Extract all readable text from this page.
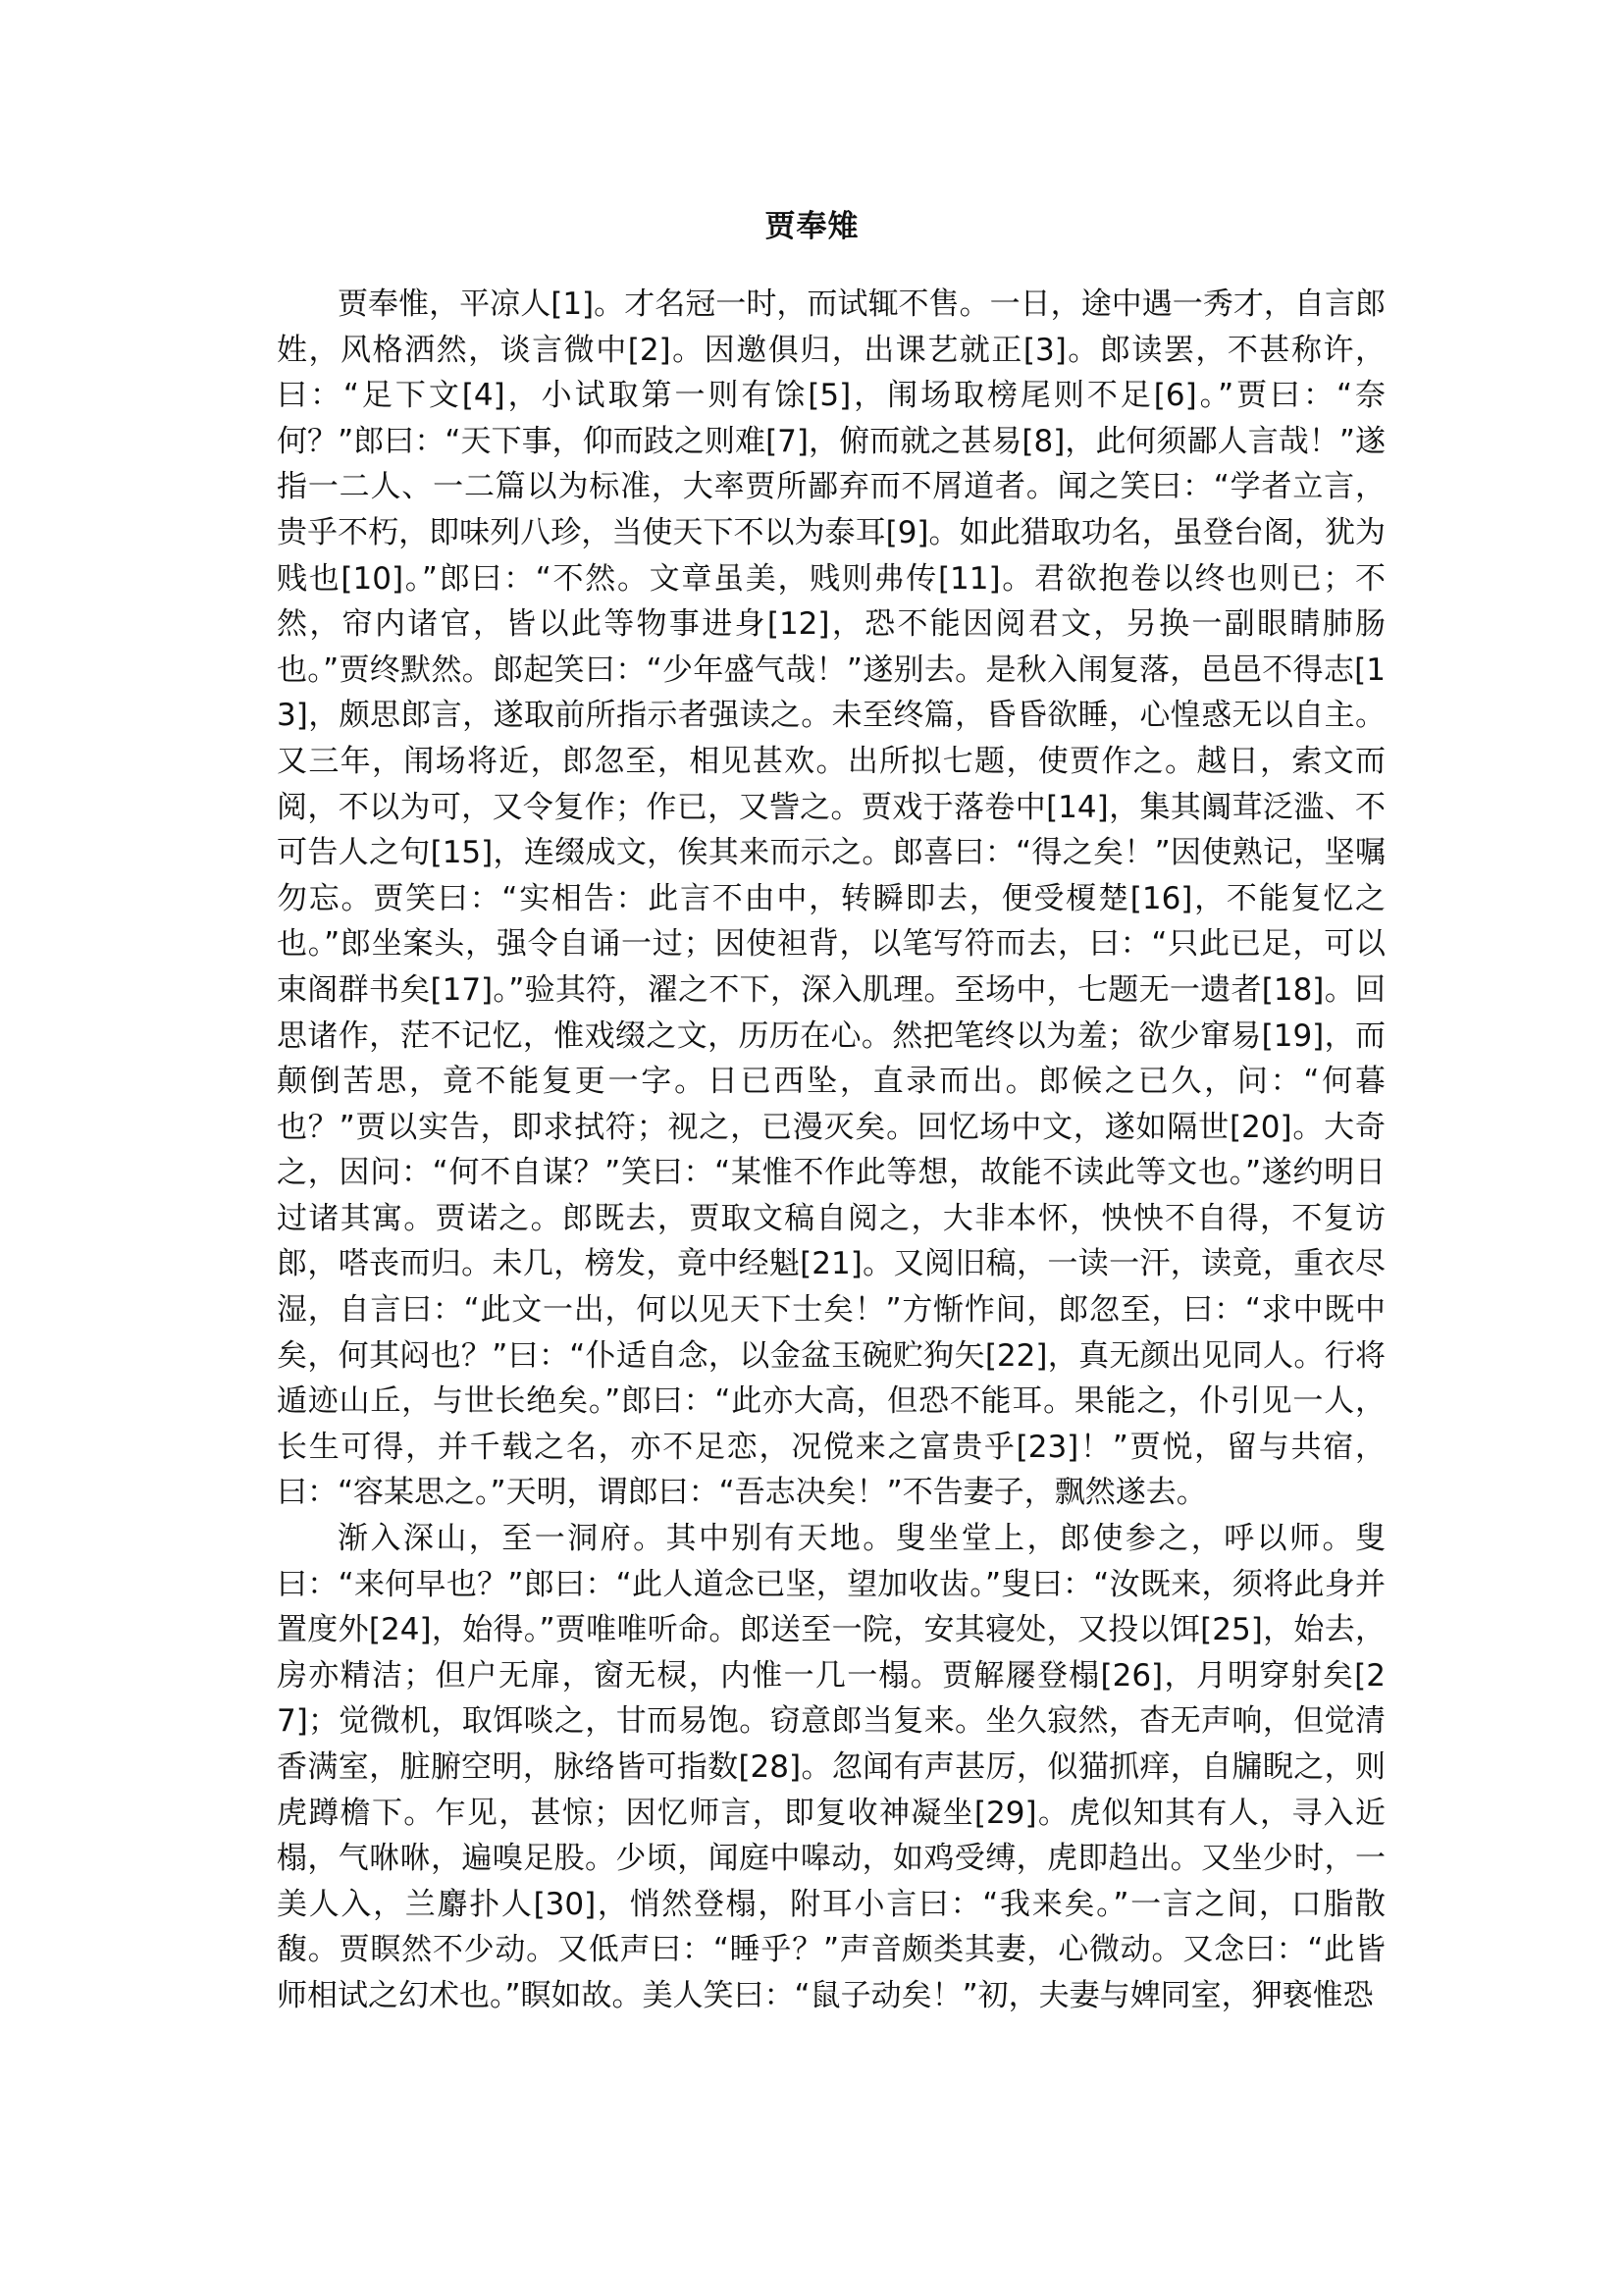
贾奉雉

贾奉惟，平凉人[1]。才名冠一时，而试辄不售。一日，途中遇一秀才，自言郎姓，风格洒然，谈言微中[2]。因邀俱归，出课艺就正[3]。郎读罢，不甚称许，曰：“足下文[4]，小试取第一则有馀[5]，闱场取榜尾则不足[6]。”贾曰：“奈何？”郎曰：“天下事，仰而跂之则难[7]，俯而就之甚易[8]，此何须鄙人言哉！”遂指一二人、一二篇以为标准，大率贾所鄙弃而不屑道者。闻之笑曰：“学者立言，贵乎不朽，即味列八珍，当使天下不以为泰耳[9]。如此猎取功名，虽登台阁，犹为贱也[10]。”郎曰：“不然。文章虽美，贱则弗传[11]。君欲抱卷以终也则已；不然，帘内诸官，皆以此等物事进身[12]，恐不能因阅君文，另换一副眼睛肺肠也。”贾终默然。郎起笑曰：“少年盛气哉！”遂别去。是秋入闱复落，邑邑不得志[13]，颇思郎言，遂取前所指示者强读之。未至终篇，昏昏欲睡，心惶惑无以自主。又三年，闱场将近，郎忽至，相见甚欢。出所拟七题，使贾作之。越日，索文而阅，不以为可，又令复作；作已，又訾之。贾戏于落卷中[14]，集其阘茸泛滥、不可告人之句[15]，连缀成文，俟其来而示之。郎喜曰：“得之矣！”因使熟记，坚嘱勿忘。贾笑曰：“实相告：此言不由中，转瞬即去，便受榎楚[16]，不能复忆之也。”郎坐案头，强令自诵一过；因使袒背，以笔写符而去，曰：“只此已足，可以束阁群书矣[17]。”验其符，濯之不下，深入肌理。至场中，七题无一遗者[18]。回思诸作，茫不记忆，惟戏缀之文，历历在心。然把笔终以为羞；欲少窜易[19]，而颠倒苦思，竟不能复更一字。日已西坠，直录而出。郎候之已久，问：“何暮也？”贾以实告，即求拭符；视之，已漫灭矣。回忆场中文，遂如隔世[20]。大奇之，因问：“何不自谋？”笑曰：“某惟不作此等想，故能不读此等文也。”遂约明日过诸其寓。贾诺之。郎既去，贾取文稿自阅之，大非本怀，怏怏不自得，不复访郎，嗒丧而归。未几，榜发，竟中经魁[21]。又阅旧稿，一读一汗，读竟，重衣尽湿，自言曰：“此文一出，何以见天下士矣！”方惭怍间，郎忽至，曰：“求中既中矣，何其闷也？”曰：“仆适自念，以金盆玉碗贮狗矢[22]，真无颜出见同人。行将遁迹山丘，与世长绝矣。”郎曰：“此亦大高，但恐不能耳。果能之，仆引见一人，长生可得，并千载之名，亦不足恋，况傥来之富贵乎[23]！”贾悦，留与共宿，曰：“容某思之。”天明，谓郎曰：“吾志决矣！”不告妻子，飘然遂去。

渐入深山，至一洞府。其中别有天地。叟坐堂上，郎使参之，呼以师。叟曰：“来何早也？”郎曰：“此人道念已坚，望加收齿。”叟曰：“汝既来，须将此身并置度外[24]，始得。”贾唯唯听命。郎送至一院，安其寝处，又投以饵[25]，始去，房亦精洁；但户无扉，窗无棂，内惟一几一榻。贾解屦登榻[26]，月明穿射矣[27]；觉微机，取饵啖之，甘而易饱。窃意郎当复来。坐久寂然，杳无声响，但觉清香满室，脏腑空明，脉络皆可指数[28]。忽闻有声甚厉，似猫抓痒，自牖睨之，则虎蹲檐下。乍见，甚惊；因忆师言，即复收神凝坐[29]。虎似知其有人，寻入近榻，气咻咻，遍嗅足股。少顷，闻庭中嗥动，如鸡受缚，虎即趋出。又坐少时，一美人入，兰麝扑人[30]，悄然登榻，附耳小言曰：“我来矣。”一言之间，口脂散馥。贾瞑然不少动。又低声曰：“睡乎？”声音颇类其妻，心微动。又念曰：“此皆师相试之幻术也。”瞑如故。美人笑曰：“鼠子动矣！”初，夫妻与婢同室，狎亵惟恐
